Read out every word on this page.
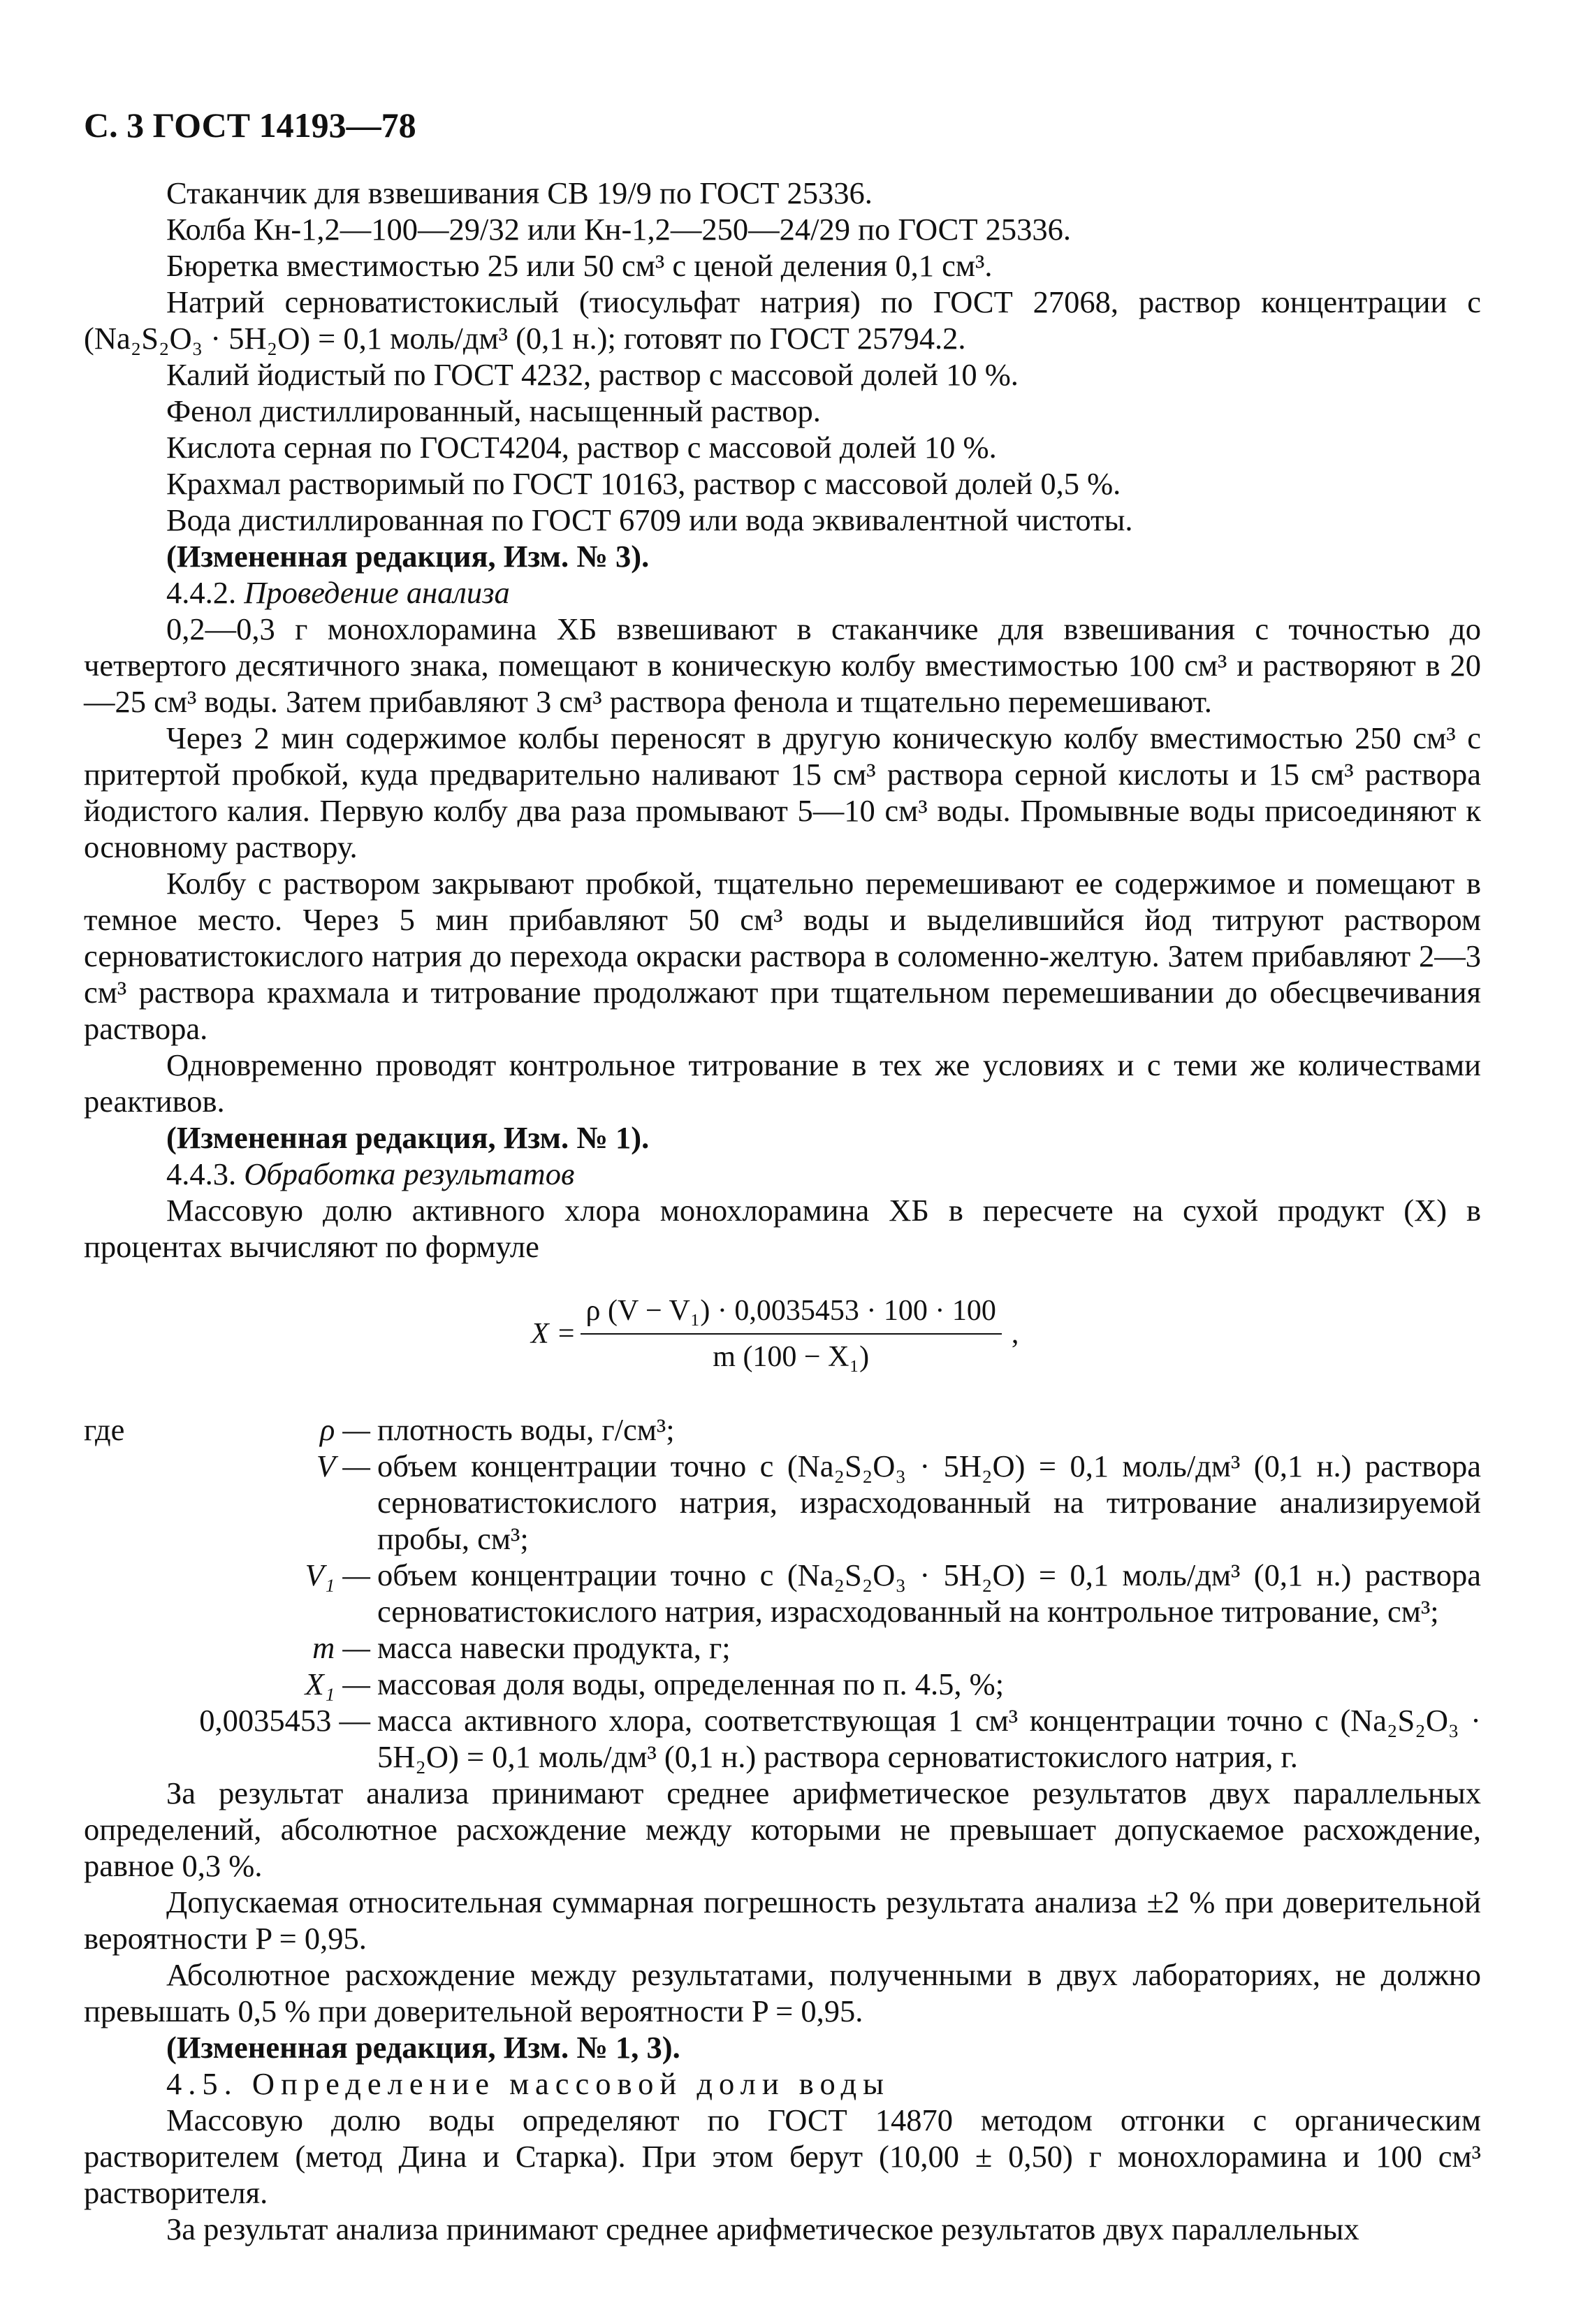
С. 3 ГОСТ 14193—78

Стаканчик для взвешивания СВ 19/9 по ГОСТ 25336.

Колба Кн-1,2—100—29/32 или Кн-1,2—250—24/29 по ГОСТ 25336.

Бюретка вместимостью 25 или 50 см³ с ценой деления 0,1 см³.

Натрий серноватистокислый (тиосульфат натрия) по ГОСТ 27068, раствор концентрации c (Na₂S₂O₃ · 5H₂O) = 0,1 моль/дм³ (0,1 н.); готовят по ГОСТ 25794.2.

Калий йодистый по ГОСТ 4232, раствор с массовой долей 10 %.

Фенол дистиллированный, насыщенный раствор.

Кислота серная по ГОСТ4204, раствор с массовой долей 10 %.

Крахмал растворимый по ГОСТ 10163, раствор с массовой долей 0,5 %.

Вода дистиллированная по ГОСТ 6709 или вода эквивалентной чистоты.

(Измененная редакция, Изм. № 3).

4.4.2. Проведение анализа

0,2—0,3 г монохлорамина ХБ взвешивают в стаканчике для взвешивания с точностью до четвертого десятичного знака, помещают в коническую колбу вместимостью 100 см³ и растворяют в 20—25 см³ воды. Затем прибавляют 3 см³ раствора фенола и тщательно перемешивают.

Через 2 мин содержимое колбы переносят в другую коническую колбу вместимостью 250 см³ с притертой пробкой, куда предварительно наливают 15 см³ раствора серной кислоты и 15 см³ раствора йодистого калия. Первую колбу два раза промывают 5—10 см³ воды. Промывные воды присоединяют к основному раствору.

Колбу с раствором закрывают пробкой, тщательно перемешивают ее содержимое и помещают в темное место. Через 5 мин прибавляют 50 см³ воды и выделившийся йод титруют раствором серноватистокислого натрия до перехода окраски раствора в соломенно-желтую. Затем прибавляют 2—3 см³ раствора крахмала и титрование продолжают при тщательном перемешивании до обесцвечивания раствора.

Одновременно проводят контрольное титрование в тех же условиях и с теми же количествами реактивов.

(Измененная редакция, Изм. № 1).

4.4.3. Обработка результатов

Массовую долю активного хлора монохлорамина ХБ в пересчете на сухой продукт (X) в процентах вычисляют по формуле

$X = \frac{\text{ρ (V − V₁) · 0,0035453 · 100 · 100}}{\text{m (100 − X₁)}}$ ,
где	ρ — плотность воды, г/см³;
V — объем концентрации точно c (Na₂S₂O₃ · 5H₂O) = 0,1 моль/дм³ (0,1 н.) раствора серноватистокислого натрия, израсходованный на титрование анализируемой пробы, см³;
V₁ — объем концентрации точно c (Na₂S₂O₃ · 5H₂O) = 0,1 моль/дм³ (0,1 н.) раствора серноватистокислого натрия, израсходованный на контрольное титрование, см³;
m — масса навески продукта, г;
X₁ — массовая доля воды, определенная по п. 4.5, %;
0,0035453 — масса активного хлора, соответствующая 1 см³ концентрации точно c (Na₂S₂O₃ · 5H₂O) = 0,1 моль/дм³ (0,1 н.) раствора серноватистокислого натрия, г.

За результат анализа принимают среднее арифметическое результатов двух параллельных определений, абсолютное расхождение между которыми не превышает допускаемое расхождение, равное 0,3 %.

Допускаемая относительная суммарная погрешность результата анализа ±2 % при доверительной вероятности P = 0,95.

Абсолютное расхождение между результатами, полученными в двух лабораториях, не должно превышать 0,5 % при доверительной вероятности P = 0,95.

(Измененная редакция, Изм. № 1, 3).

4.5. Определение массовой доли воды

Массовую долю воды определяют по ГОСТ 14870 методом отгонки с органическим растворителем (метод Дина и Старка). При этом берут (10,00 ± 0,50) г монохлорамина и 100 см³ растворителя.

За результат анализа принимают среднее арифметическое результатов двух параллельных
